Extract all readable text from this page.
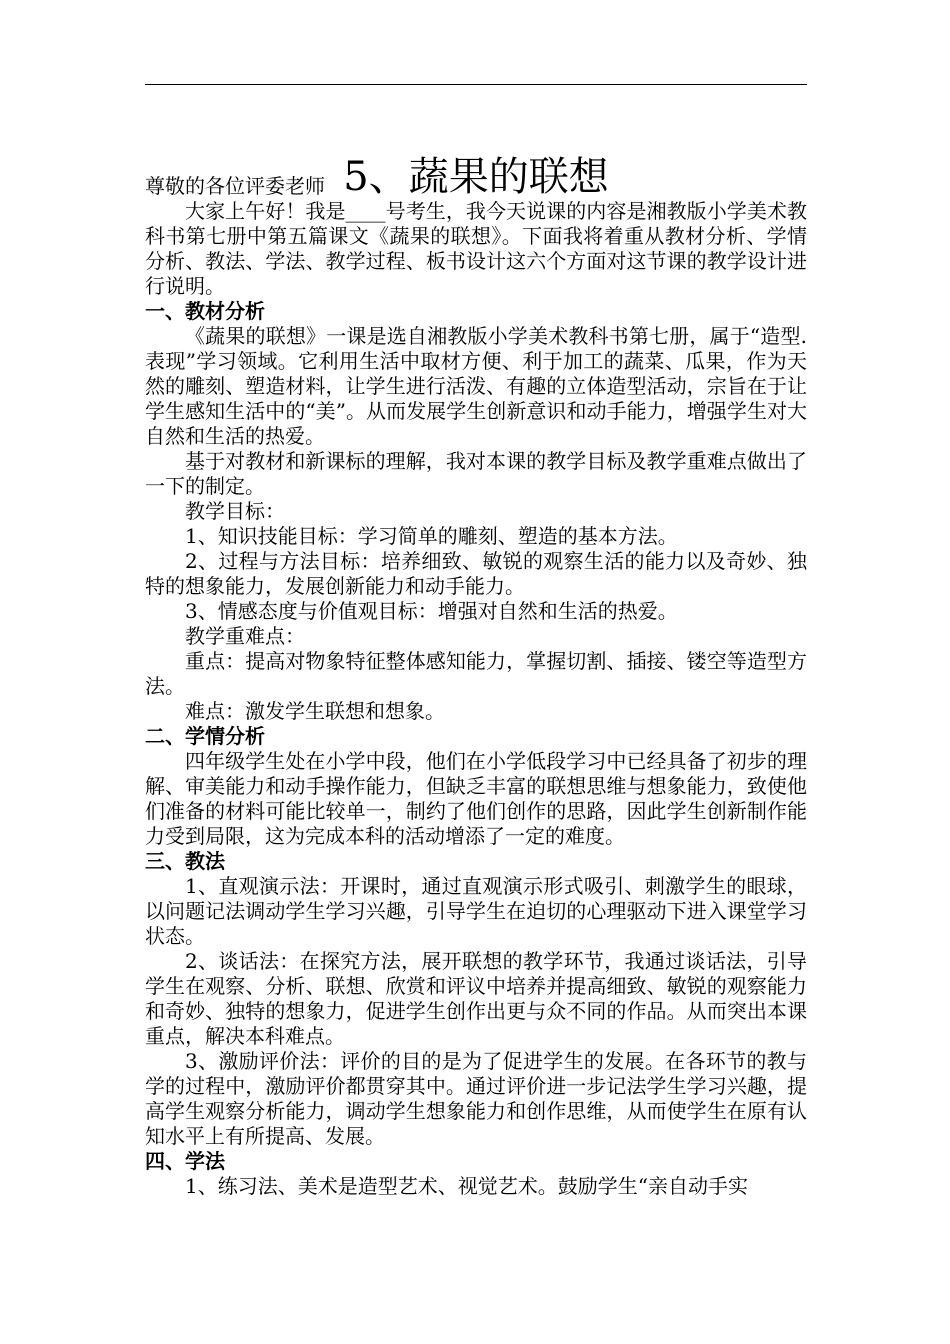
5、蔬果的联想

尊敬的各位评委老师

大家上午好！我是____号考生，我今天说课的内容是湘教版小学美术教科书第七册中第五篇课文《蔬果的联想》。下面我将着重从教材分析、学情分析、教法、学法、教学过程、板书设计这六个方面对这节课的教学设计进行说明。

一、教材分析

《蔬果的联想》一课是选自湘教版小学美术教科书第七册，属于“造型.表现”学习领域。它利用生活中取材方便、利于加工的蔬菜、瓜果，作为天然的雕刻、塑造材料，让学生进行活泼、有趣的立体造型活动，宗旨在于让学生感知生活中的“美”。从而发展学生创新意识和动手能力，增强学生对大自然和生活的热爱。

基于对教材和新课标的理解，我对本课的教学目标及教学重难点做出了一下的制定。

教学目标：

1、知识技能目标：学习简单的雕刻、塑造的基本方法。

2、过程与方法目标：培养细致、敏锐的观察生活的能力以及奇妙、独特的想象能力，发展创新能力和动手能力。

3、情感态度与价值观目标：增强对自然和生活的热爱。

教学重难点：

重点：提高对物象特征整体感知能力，掌握切割、插接、镂空等造型方法。

难点：激发学生联想和想象。

二、学情分析

四年级学生处在小学中段，他们在小学低段学习中已经具备了初步的理解、审美能力和动手操作能力，但缺乏丰富的联想思维与想象能力，致使他们准备的材料可能比较单一，制约了他们创作的思路，因此学生创新制作能力受到局限，这为完成本科的活动增添了一定的难度。

三、教法

1、直观演示法：开课时，通过直观演示形式吸引、刺激学生的眼球，以问题记法调动学生学习兴趣，引导学生在迫切的心理驱动下进入课堂学习状态。

2、谈话法：在探究方法，展开联想的教学环节，我通过谈话法，引导学生在观察、分析、联想、欣赏和评议中培养并提高细致、敏锐的观察能力和奇妙、独特的想象力，促进学生创作出更与众不同的作品。从而突出本课重点，解决本科难点。

3、激励评价法：评价的目的是为了促进学生的发展。在各环节的教与学的过程中，激励评价都贯穿其中。通过评价进一步记法学生学习兴趣，提高学生观察分析能力，调动学生想象能力和创作思维，从而使学生在原有认知水平上有所提高、发展。

四、学法

1、练习法、美术是造型艺术、视觉艺术。鼓励学生“亲自动手实
